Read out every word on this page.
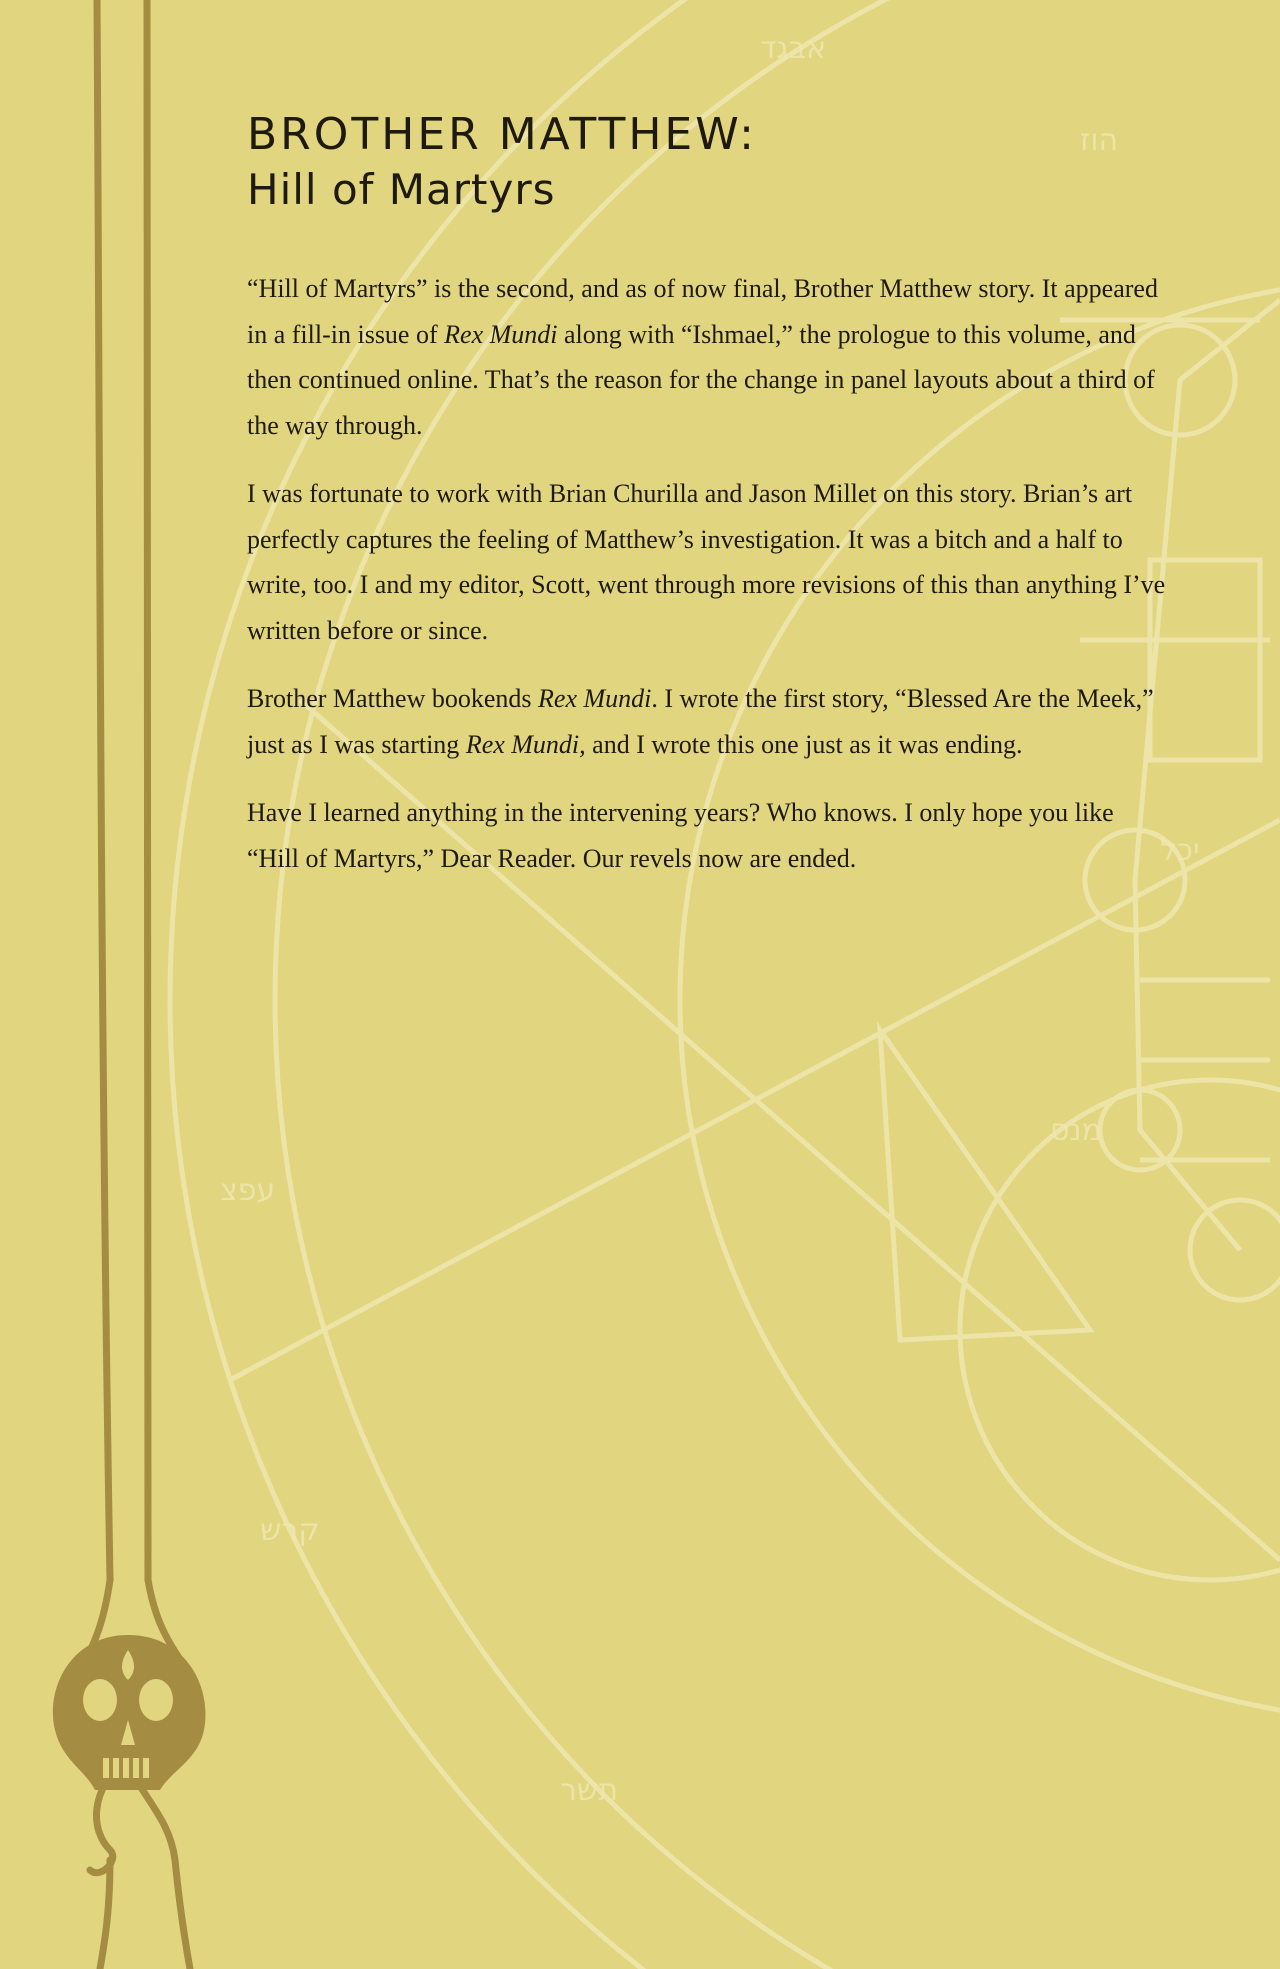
אבגד
הוז
יכל
מנס
עפצ
קרש
תשר
BROTHER MATTHEW:
Hill of Martyrs

“Hill of Martyrs” is the second, and as of now final, Brother Matthew story. It appeared in a fill-in issue of Rex Mundi along with “Ishmael,” the prologue to this volume, and then continued online. That’s the reason for the change in panel layouts about a third of the way through.

I was fortunate to work with Brian Churilla and Jason Millet on this story. Brian’s art perfectly captures the feeling of Matthew’s investigation. It was a bitch and a half to write, too. I and my editor, Scott, went through more revisions of this than anything I’ve written before or since.

Brother Matthew bookends Rex Mundi. I wrote the first story, “Blessed Are the Meek,” just as I was starting Rex Mundi, and I wrote this one just as it was ending.

Have I learned anything in the intervening years? Who knows. I only hope you like “Hill of Martyrs,” Dear Reader. Our revels now are ended.
